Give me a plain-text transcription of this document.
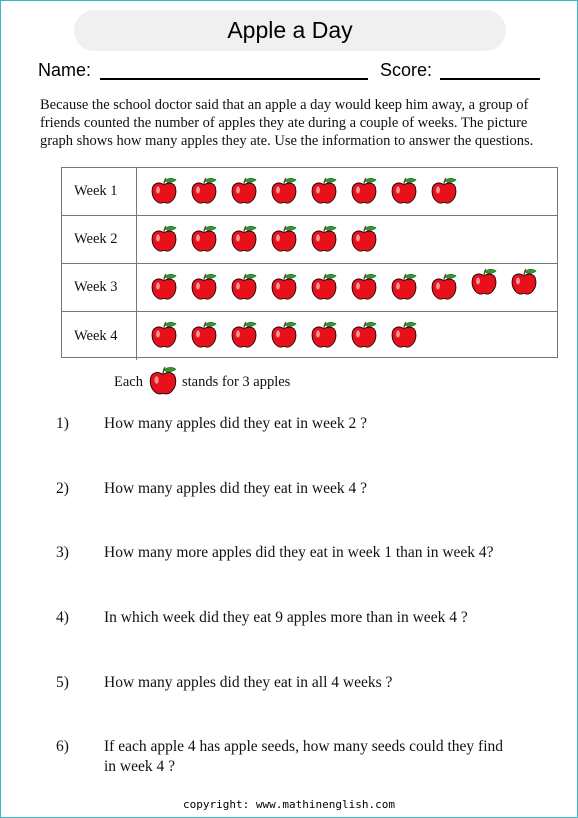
Apple a Day
Name:	Score:
Because the school doctor said that an apple a day would keep him away, a group of
friends counted the number of apples they ate during a couple of weeks. The picture
graph shows how many apples they ate. Use the information to answer the questions.
Week 1
Week 2
Week 3
Week 4
Each	stands for 3 apples
1) How many apples did they eat in week 2 ?
2) How many apples did they eat in week 4 ?
3) How many more apples did they eat in week 1 than in week 4?
4) In which week did they eat 9 apples more than in week 4 ?
5) How many apples did they eat in all 4 weeks ?
6) If each apple 4 has apple seeds, how many seeds could they find
in week 4 ?
copyright: www.mathinenglish.com
